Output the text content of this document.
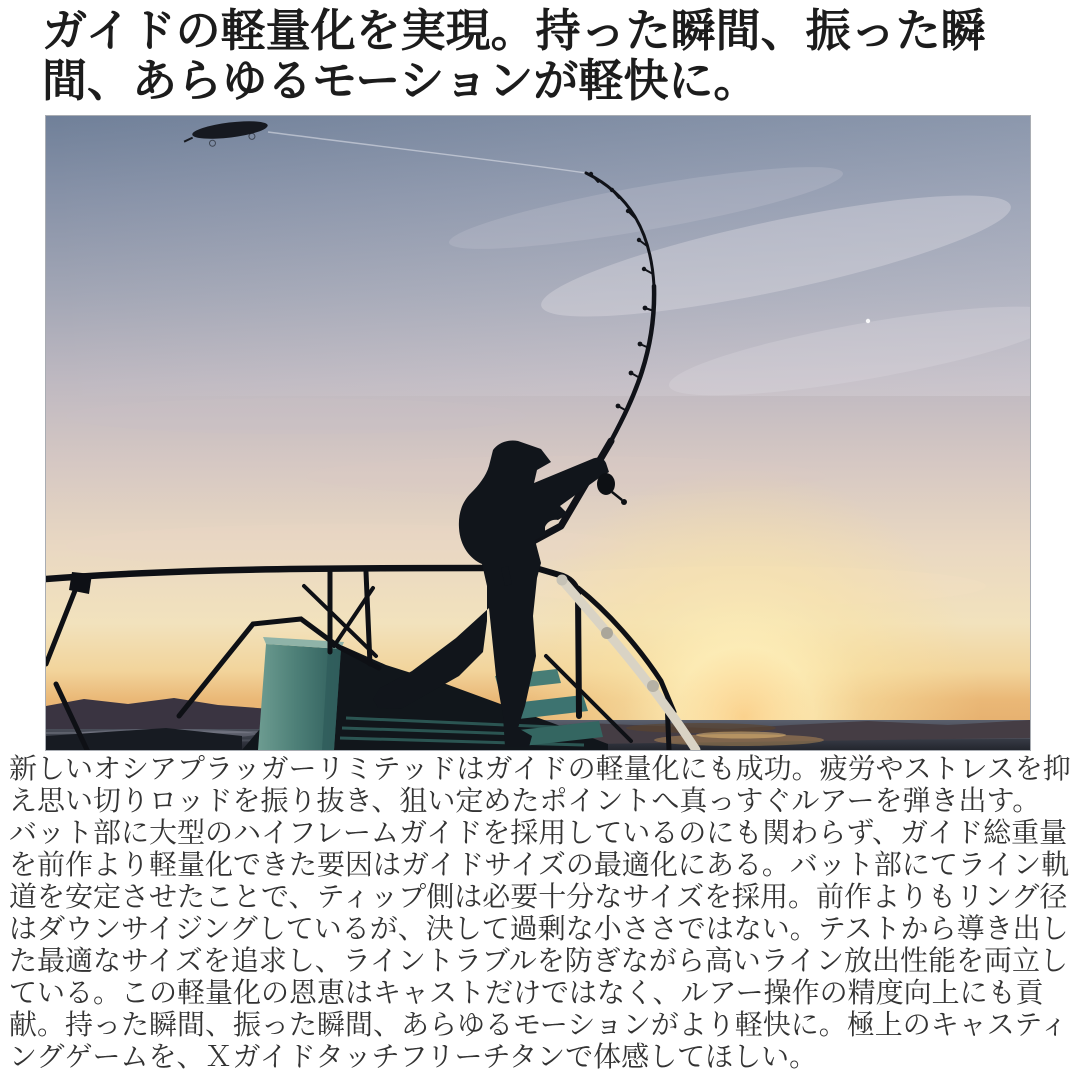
ガイドの軽量化を実現。持った瞬間、振った瞬間、あらゆるモーションが軽快に。

新しいオシアプラッガーリミテッドはガイドの軽量化にも成功。疲労やストレスを抑え思い切りロッドを振り抜き、狙い定めたポイントへ真っすぐルアーを弾き出す。

バット部に大型のハイフレームガイドを採用しているのにも関わらず、ガイド総重量を前作より軽量化できた要因はガイドサイズの最適化にある。バット部にてライン軌道を安定させたことで、ティップ側は必要十分なサイズを採用。前作よりもリング径はダウンサイジングしているが、決して過剰な小ささではない。テストから導き出した最適なサイズを追求し、ライントラブルを防ぎながら高いライン放出性能を両立している。この軽量化の恩恵はキャストだけではなく、ルアー操作の精度向上にも貢献。持った瞬間、振った瞬間、あらゆるモーションがより軽快に。極上のキャスティングゲームを、Ｘガイドタッチフリーチタンで体感してほしい。
